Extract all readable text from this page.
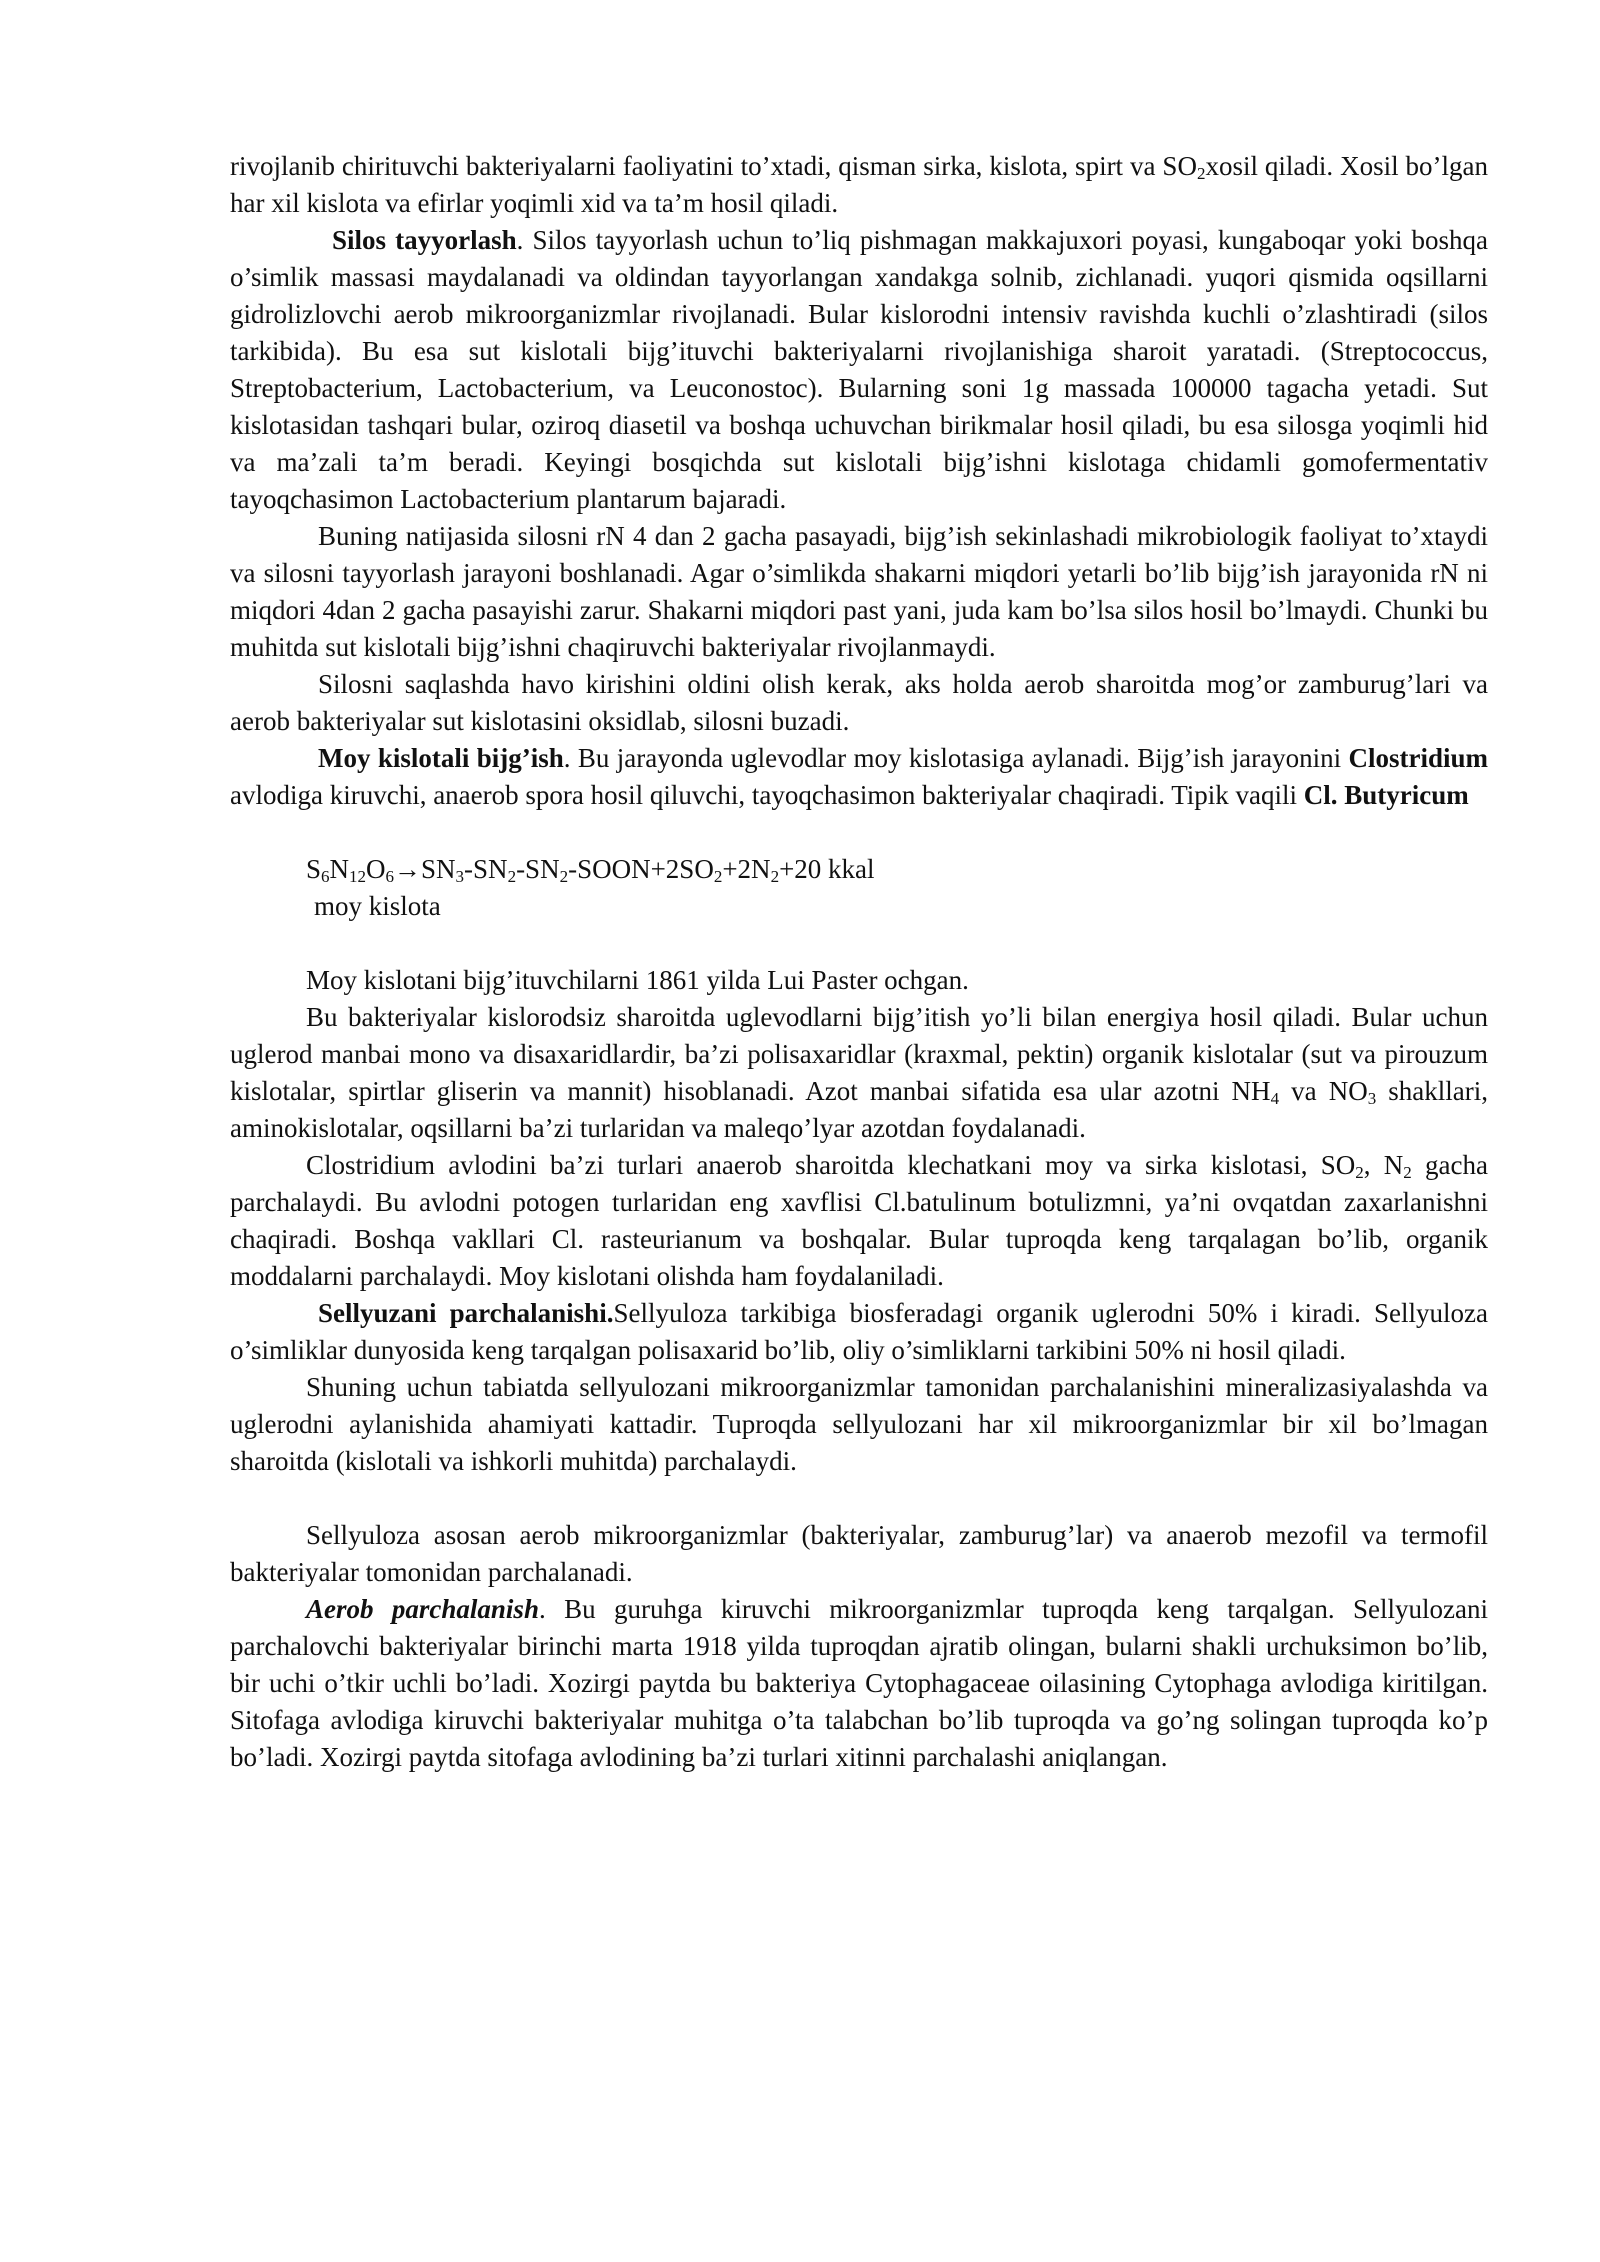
rivojlanib chirituvchi bakteriyalarni faoliyatini to’xtadi, qisman sirka, kislota, spirt va $SO_2xosil$ qiladi. Xosil bo’lgan har xil kislota va efirlar yoqimli xid va ta’m hosil qiladi.

Silos tayyorlash. Silos tayyorlash uchun to’liq pishmagan makkajuxori poyasi, kungaboqar yoki boshqa o’simlik massasi maydalanadi va oldindan tayyorlangan xandakga solnib, zichlanadi. yuqori qismida oqsillarni gidrolizlovchi aerob mikroorganizmlar rivojlanadi. Bular kislorodni intensiv ravishda kuchli o’zlashtiradi (silos tarkibida). Bu esa sut kislotali bijg’ituvchi bakteriyalarni rivojlanishiga sharoit yaratadi. (Streptococcus, Streptobacterium, Lactobacterium, va Leuconostoc). Bularning soni 1g massada 100000 tagacha yetadi. Sut kislotasidan tashqari bular, oziroq diasetil va boshqa uchuvchan birikmalar hosil qiladi, bu esa silosga yoqimli hid va ma’zali ta’m beradi. Keyingi bosqichda sut kislotali bijg’ishni kislotaga chidamli gomofermentativ tayoqchasimon Lactobacterium plantarum bajaradi.

Buning natijasida silosni rN 4 dan 2 gacha pasayadi, bijg’ish sekinlashadi mikrobiologik faoliyat to’xtaydi va silosni tayyorlash jarayoni boshlanadi. Agar o’simlikda shakarni miqdori yetarli bo’lib bijg’ish jarayonida rN ni miqdori 4dan 2 gacha pasayishi zarur. Shakarni miqdori past yani, juda kam bo’lsa silos hosil bo’lmaydi. Chunki bu muhitda sut kislotali bijg’ishni chaqiruvchi bakteriyalar rivojlanmaydi.

Silosni saqlashda havo kirishini oldini olish kerak, aks holda aerob sharoitda mog’or zamburug’lari va aerob bakteriyalar sut kislotasini oksidlab, silosni buzadi.

Moy kislotali bijg’ish. Bu jarayonda uglevodlar moy kislotasiga aylanadi. Bijg’ish jarayonini Clostridium avlodiga kiruvchi, anaerob spora hosil qiluvchi, tayoqchasimon bakteriyalar chaqiradi. Tipik vaqili Cl. Butyricum

$S_6N_{12}O_6\to SN_3-SN_2-SN_2-SOON+2SO_2+2N_2+20$ kkal

moy kislota

Moy kislotani bijg’ituvchilarni 1861 yilda Lui Paster ochgan.

Bu bakteriyalar kislorodsiz sharoitda uglevodlarni bijg’itish yo’li bilan energiya hosil qiladi. Bular uchun uglerod manbai mono va disaxaridlardir, ba’zi polisaxaridlar (kraxmal, pektin) organik kislotalar (sut va pirouzum kislotalar, spirtlar gliserin va mannit) hisoblanadi. Azot manbai sifatida esa ular azotni $NH_4$ va $NO_3$ shakllari, aminokislotalar, oqsillarni ba’zi turlaridan va maleqo’lyar azotdan foydalanadi.

Clostridium avlodini ba’zi turlari anaerob sharoitda klechatkani moy va sirka kislotasi, $SO_2$, $N_2$ gacha parchalaydi. Bu avlodni potogen turlaridan eng xavflisi Cl.batulinum botulizmni, ya’ni ovqatdan zaxarlanishni chaqiradi. Boshqa vakllari Cl. rasteurianum va boshqalar. Bular tuproqda keng tarqalagan bo’lib, organik moddalarni parchalaydi. Moy kislotani olishda ham foydalaniladi.

Sellyuzani parchalanishi.Sellyuloza tarkibiga biosferadagi organik uglerodni 50% i kiradi. Sellyuloza o’simliklar dunyosida keng tarqalgan polisaxarid bo’lib, oliy o’simliklarni tarkibini 50% ni hosil qiladi.

Shuning uchun tabiatda sellyulozani mikroorganizmlar tamonidan parchalanishini mineralizasiyalashda va uglerodni aylanishida ahamiyati kattadir. Tuproqda sellyulozani har xil mikroorganizmlar bir xil bo’lmagan sharoitda (kislotali va ishkorli muhitda) parchalaydi.

Sellyuloza asosan aerob mikroorganizmlar (bakteriyalar, zamburug’lar) va anaerob mezofil va termofil bakteriyalar tomonidan parchalanadi.

Aerob parchalanish. Bu guruhga kiruvchi mikroorganizmlar tuproqda keng tarqalgan. Sellyulozani parchalovchi bakteriyalar birinchi marta 1918 yilda tuproqdan ajratib olingan, bularni shakli urchuksimon bo’lib, bir uchi o’tkir uchli bo’ladi. Xozirgi paytda bu bakteriya Cytophagaceae oilasining Cytophaga avlodiga kiritilgan. Sitofaga avlodiga kiruvchi bakteriyalar muhitga o’ta talabchan bo’lib tuproqda va go’ng solingan tuproqda ko’p bo’ladi. Xozirgi paytda sitofaga avlodining ba’zi turlari xitinni parchalashi aniqlangan.
